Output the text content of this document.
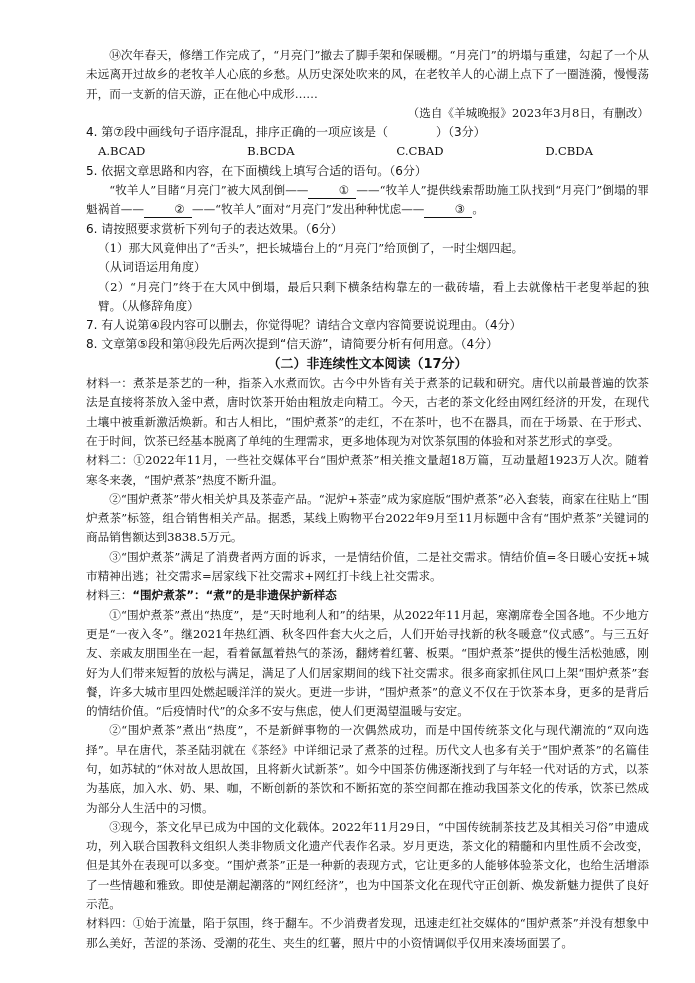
⑭次年春天，修缮工作完成了，“月亮门”撤去了脚手架和保暖棚。“月亮门”的坍塌与重建，勾起了一个从未远离开过故乡的老牧羊人心底的乡愁。从历史深处吹来的风，在老牧羊人的心湖上点下了一圈涟漪，慢慢荡开，而一支新的信天游，正在他心中成形……

（选自《羊城晚报》2023年3月8日，有删改）

4. 第⑦段中画线句子语序混乱，排序正确的一项应该是（	）（3分）

A.BCAD	B.BCDA	C.CBAD	D.CBDA

5. 依据文章思路和内容，在下面横线上填写合适的语句。（6分）

“牧羊人”目睹“月亮门”被大风刮倒——	① ——“牧羊人”提供线索帮助施工队找到“月亮门”倒塌的罪魁祸首——	② ——“牧羊人”面对“月亮门”发出种种忧虑——	③ 。

6. 请按照要求赏析下列句子的表达效果。（6分）

（1）那大风竟伸出了“舌头”，把长城墙台上的“月亮门”给顶倒了，一时尘烟四起。

（从词语运用角度）

（2）“月亮门”终于在大风中倒塌，最后只剩下横条结构靠左的一截砖墙，看上去就像枯干老叟举起的独臂。（从修辞角度）

7. 有人说第④段内容可以删去，你觉得呢？请结合文章内容简要说说理由。（4分）

8. 文章第⑤段和第⑭段先后两次提到“信天游”，请简要分析有何用意。（4分）

（二）非连续性文本阅读（17分）

材料一：煮茶是茶艺的一种，指茶入水煮而饮。古今中外皆有关于煮茶的记载和研究。唐代以前最普遍的饮茶法是直接将茶放入釜中煮，唐时饮茶开始由粗放走向精工。今天，古老的茶文化经由网红经济的开发，在现代土壤中被重新激活焕新。和古人相比，“围炉煮茶”的走红，不在茶叶，也不在器具，而在于场景、在于形式、在于时间，饮茶已经基本脱离了单纯的生理需求，更多地体现为对饮茶氛围的体验和对茶艺形式的享受。

材料二：①2022年11月，一些社交媒体平台“围炉煮茶”相关推文量超18万篇，互动量超1923万人次。随着寒冬来袭，“围炉煮茶”热度不断升温。

②“围炉煮茶”带火相关炉具及茶壶产品。“泥炉+茶壶”成为家庭版“围炉煮茶”必入套装，商家在往贴上“围炉煮茶”标签，组合销售相关产品。据悉，某线上购物平台2022年9月至11月标题中含有“围炉煮茶”关键词的商品销售额达到3838.5万元。

③“围炉煮茶”满足了消费者两方面的诉求，一是情结价值，二是社交需求。情结价值=冬日暖心安抚+城市精神出逃；社交需求=居家线下社交需求+网红打卡线上社交需求。

材料三：“围炉煮茶”：“煮”的是非遗保护新样态

①“围炉煮茶”煮出“热度”，是“天时地利人和”的结果，从2022年11月起，寒潮席卷全国各地。不少地方更是“一夜入冬”。继2021年热红酒、秋冬四件套大火之后，人们开始寻找新的秋冬暖意“仪式感”。与三五好友、亲戚友朋围坐在一起，看着氤氲着热气的茶汤，翻烤着红薯、板栗。“围炉煮茶”提供的慢生活松弛感，刚好为人们带来短暂的放松与满足，满足了人们居家期间的线下社交需求。很多商家抓住风口上架“围炉煮茶”套餐，许多大城市里四处燃起暖洋洋的炭火。更进一步讲，“围炉煮茶”的意义不仅在于饮茶本身，更多的是背后的情结价值。“后疫情时代”的众多不安与焦虑，使人们更渴望温暖与安定。

②“围炉煮茶”煮出“热度”，不是新鲜事物的一次偶然成功，而是中国传统茶文化与现代潮流的“双向选择”。早在唐代，茶圣陆羽就在《茶经》中详细记录了煮茶的过程。历代文人也多有关于“围炉煮茶”的名篇佳句，如苏轼的“休对故人思故国，且将新火试新茶”。如今中国茶仿佛逐渐找到了与年轻一代对话的方式，以茶为基底，加入水、奶、果、咖，不断创新的茶饮和不断拓宽的茶空间都在推动我国茶文化的传承，饮茶已然成为部分人生活中的习惯。

③现今，茶文化早已成为中国的文化载体。2022年11月29日，“中国传统制茶技艺及其相关习俗”申遗成功，列入联合国教科文组织人类非物质文化遗产代表作名录。岁月更迭，茶文化的精髓和内里性质不会改变，但是其外在表现可以多变。“围炉煮茶”正是一种新的表现方式，它让更多的人能够体验茶文化，也给生活增添了一些情趣和雅致。即使是潮起潮落的“网红经济”，也为中国茶文化在现代守正创新、焕发新魅力提供了良好示范。

材料四：①始于流量，陷于氛围，终于翻车。不少消费者发现，迅速走红社交媒体的“围炉煮茶”并没有想象中那么美好，苦涩的茶汤、受潮的花生、夹生的红薯，照片中的小资情调似乎仅用来凑场面罢了。
